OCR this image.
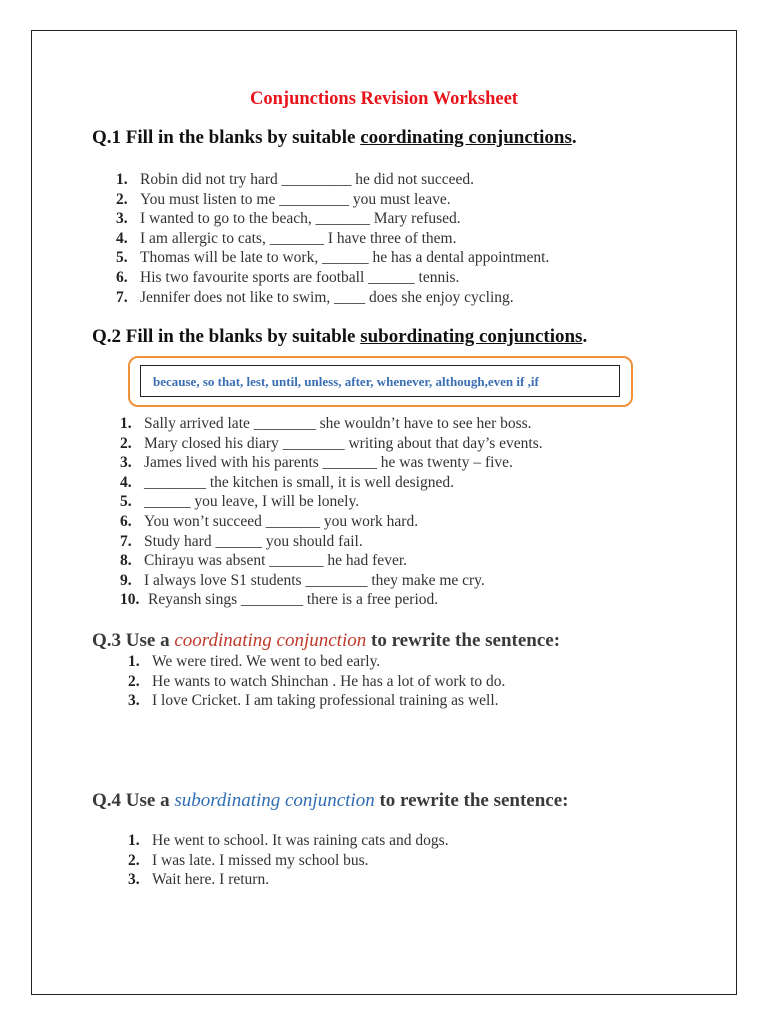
Conjunctions Revision Worksheet
Q.1 Fill in the blanks by suitable coordinating conjunctions.
1. Robin did not try hard _________ he did not succeed.
2. You must listen to me _________ you must leave.
3. I wanted to go to the beach, _______ Mary refused.
4. I am allergic to cats, _______ I have three of them.
5. Thomas will be late to work, ______ he has a dental appointment.
6. His two favourite sports are football ______ tennis.
7. Jennifer does not like to swim, ____ does she enjoy cycling.
Q.2 Fill in the blanks by suitable subordinating conjunctions.
because, so that, lest, until, unless, after, whenever, although,even if ,if
1. Sally arrived late ________ she wouldn’t have to see her boss.
2. Mary closed his diary ________ writing about that day’s events.
3. James lived with his parents _______ he was twenty – five.
4. ________ the kitchen is small, it is well designed.
5. ______ you leave, I will be lonely.
6. You won’t succeed _______ you work hard.
7. Study hard ______ you should fail.
8. Chirayu was absent _______ he had fever.
9. I always love S1 students ________ they make me cry.
10. Reyansh sings ________ there is a free period.
Q.3 Use a coordinating conjunction to rewrite the sentence:
1. We were tired. We went to bed early.
2. He wants to watch Shinchan . He has a lot of work to do.
3. I love Cricket. I am taking professional training as well.
Q.4 Use a subordinating conjunction to rewrite the sentence:
1. He went to school. It was raining cats and dogs.
2. I was late. I missed my school bus.
3. Wait here. I return.
